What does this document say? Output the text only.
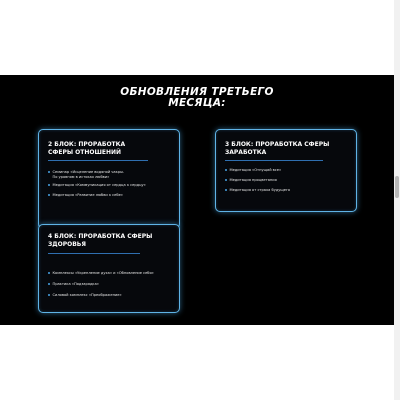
ОБНОВЛЕНИЯ ТРЕТЬЕГО
МЕСЯЦА:
2 БЛОК: ПРОРАБОТКА
СФЕРЫ ОТНОШЕНИЙ
Семинар «Исцеление водяной чакры.
По уровням в истоках любви»
Медитация «Коммуникация от сердца к сердцу»
Медитация «Развитие любви к себе»
3 БЛОК: ПРОРАБОТКА СФЕРЫ
ЗАРАБОТКА
Медитация «Отпущай все»
Медитация процветания
Медитация от страха будущего
4 БЛОК: ПРОРАБОТКА СФЕРЫ
ЗДОРОВЬЯ
Комплексы «Укрепление духа» и «Обновление себя»
Практика «Подзарядка»
Силовой комплекс «Преображение»
